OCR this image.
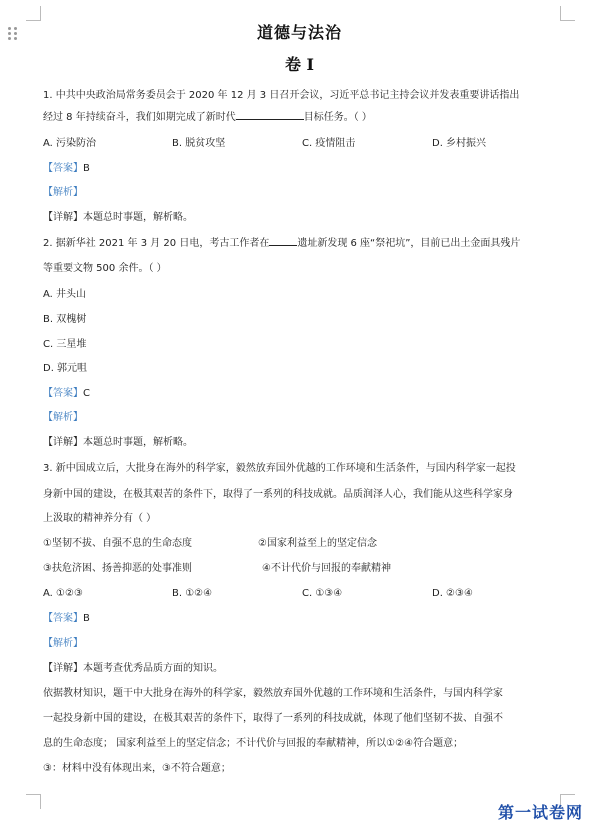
道德与法治
卷 I
1. 中共中央政治局常务委员会于 2020 年 12 月 3 日召开会议，习近平总书记主持会议并发表重要讲话指出
经过 8 年持续奋斗，我们如期完成了新时代	目标任务。（ ）
A. 污染防治	B. 脱贫攻坚	C. 疫情阻击	D. 乡村振兴
【答案】B
【解析】
【详解】本题总时事题，解析略。
2. 据新华社 2021 年 3 月 20 日电，考古工作者在	遗址新发现 6 座“祭祀坑”，目前已出土金面具残片
等重要文物 500 余件。（ ）
A. 井头山
B. 双槐树
C. 三星堆
D. 郭元咀
【答案】C
【解析】
【详解】本题总时事题，解析略。
3. 新中国成立后，大批身在海外的科学家，毅然放弃国外优越的工作环境和生活条件，与国内科学家一起投
身新中国的建设，在极其艰苦的条件下，取得了一系列的科技成就。品质润泽人心，我们能从这些科学家身
上汲取的精神养分有（ ）
①坚韧不拔、自强不息的生命态度	②国家利益至上的坚定信念
③扶危济困、扬善抑恶的处事准则	④不计代价与回报的奉献精神
A. ①②③	B. ①②④	C. ①③④	D. ②③④
【答案】B
【解析】
【详解】本题考查优秀品质方面的知识。
依据教材知识，题干中大批身在海外的科学家，毅然放弃国外优越的工作环境和生活条件，与国内科学家
一起投身新中国的建设，在极其艰苦的条件下，取得了一系列的科技成就，体现了他们坚韧不拔、自强不
息的生命态度； 国家利益至上的坚定信念；不计代价与回报的奉献精神，所以①②④符合题意；
③：材料中没有体现出来，③不符合题意；
第一试卷网
